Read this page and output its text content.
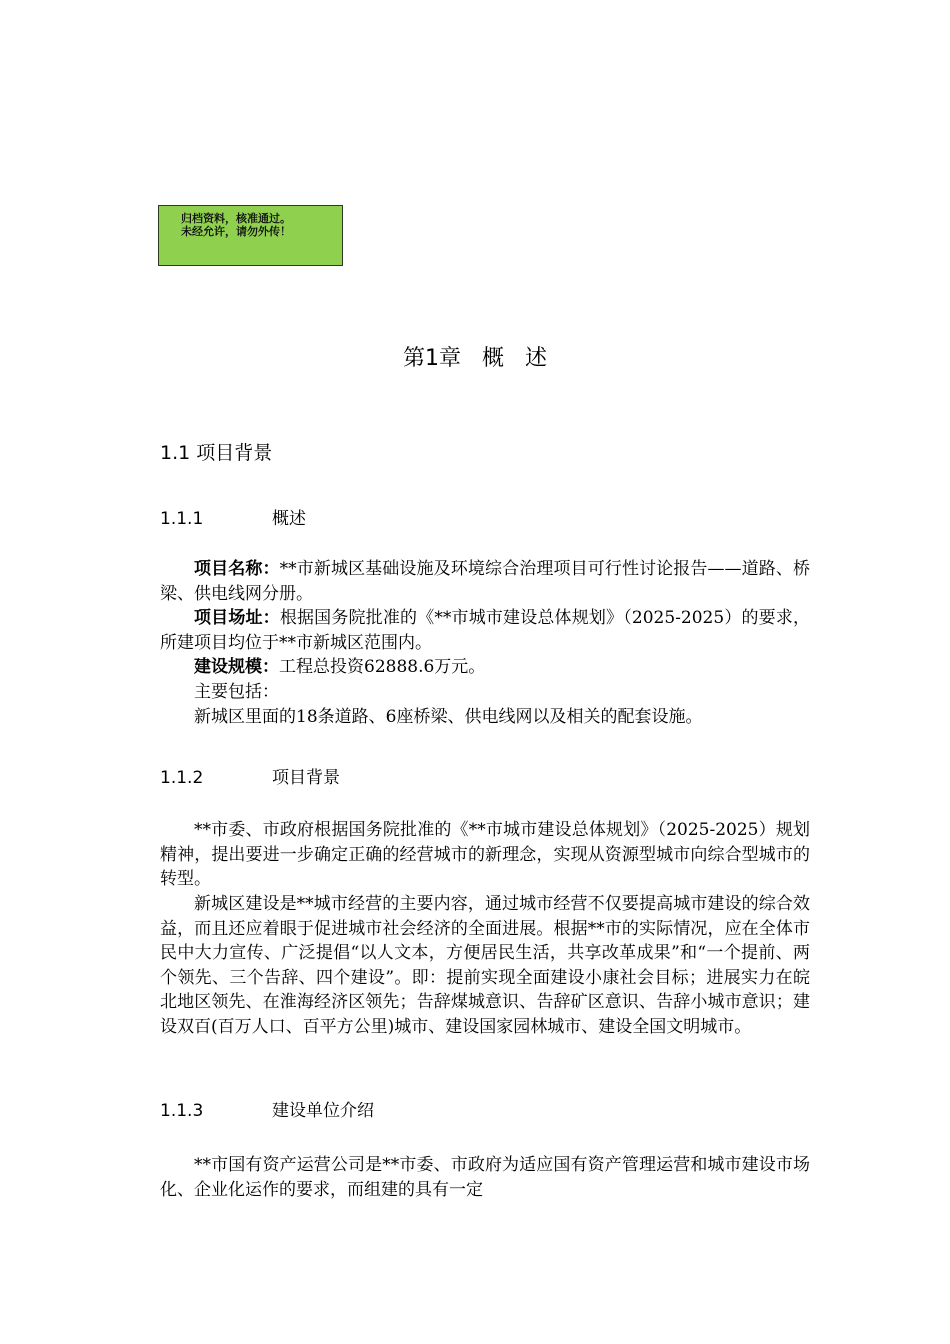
归档资料，核准通过。
未经允许，请勿外传！
第1章   概   述
1.1 项目背景
1.1.1	概述

项目名称：**市新城区基础设施及环境综合治理项目可行性讨论报告——道路、桥梁、供电线网分册。

项目场址：根据国务院批准的《**市城市建设总体规划》（2025-2025）的要求，所建项目均位于**市新城区范围内。

建设规模：工程总投资62888.6万元。

主要包括：

新城区里面的18条道路、6座桥梁、供电线网以及相关的配套设施。

1.1.2	项目背景

**市委、市政府根据国务院批准的《**市城市建设总体规划》（2025-2025）规划精神，提出要进一步确定正确的经营城市的新理念，实现从资源型城市向综合型城市的转型。

新城区建设是**城市经营的主要内容，通过城市经营不仅要提高城市建设的综合效益，而且还应着眼于促进城市社会经济的全面进展。根据**市的实际情况，应在全体市民中大力宣传、广泛提倡“以人文本，方便居民生活，共享改革成果”和“一个提前、两个领先、三个告辞、四个建设”。即：提前实现全面建设小康社会目标；进展实力在皖北地区领先、在淮海经济区领先；告辞煤城意识、告辞矿区意识、告辞小城市意识；建设双百(百万人口、百平方公里)城市、建设国家园林城市、建设全国文明城市。

1.1.3	建设单位介绍

**市国有资产运营公司是**市委、市政府为适应国有资产管理运营和城市建设市场化、企业化运作的要求，而组建的具有一定
